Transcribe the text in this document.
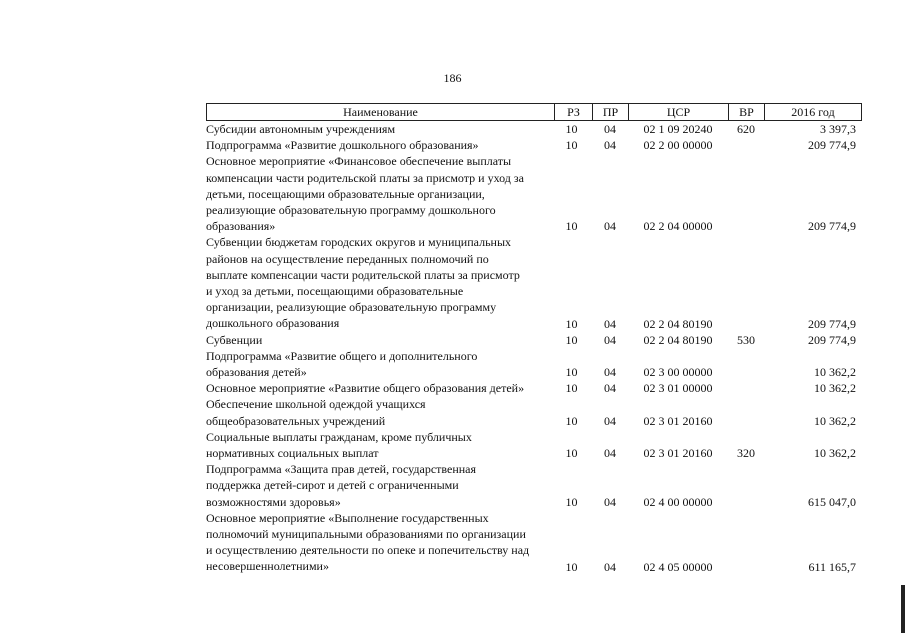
186
Наименование	РЗ	ПР	ЦСР	ВР	2016 год
Субсидии автономным учреждениям	10	04	02 1 09 20240	620	3 397,3
Подпрограмма «Развитие дошкольного образования»	10	04	02 2 00 00000	209 774,9
Основное мероприятие «Финансовое обеспечение выплаты
компенсации части родительской платы за присмотр и уход за
детьми, посещающими образовательные организации,
реализующие образовательную программу дошкольного
образования»	10	04	02 2 04 00000	209 774,9
Субвенции бюджетам городских округов и муниципальных
районов на осуществление переданных полномочий по
выплате компенсации части родительской платы за присмотр
и уход за детьми, посещающими образовательные
организации, реализующие образовательную программу
дошкольного образования	10	04	02 2 04 80190	209 774,9
Субвенции	10	04	02 2 04 80190	530	209 774,9
Подпрограмма «Развитие общего и дополнительного
образования детей»	10	04	02 3 00 00000	10 362,2
Основное мероприятие «Развитие общего образования детей»	10	04	02 3 01 00000	10 362,2
Обеспечение школьной одеждой учащихся
общеобразовательных учреждений	10	04	02 3 01 20160	10 362,2
Социальные выплаты гражданам, кроме публичных
нормативных социальных выплат	10	04	02 3 01 20160	320	10 362,2
Подпрограмма «Защита прав детей, государственная
поддержка детей-сирот и детей с ограниченными
возможностями здоровья»	10	04	02 4 00 00000	615 047,0
Основное мероприятие «Выполнение государственных
полномочий муниципальными образованиями по организации
и осуществлению деятельности по опеке и попечительству над
несовершеннолетними»	10	04	02 4 05 00000	611 165,7
